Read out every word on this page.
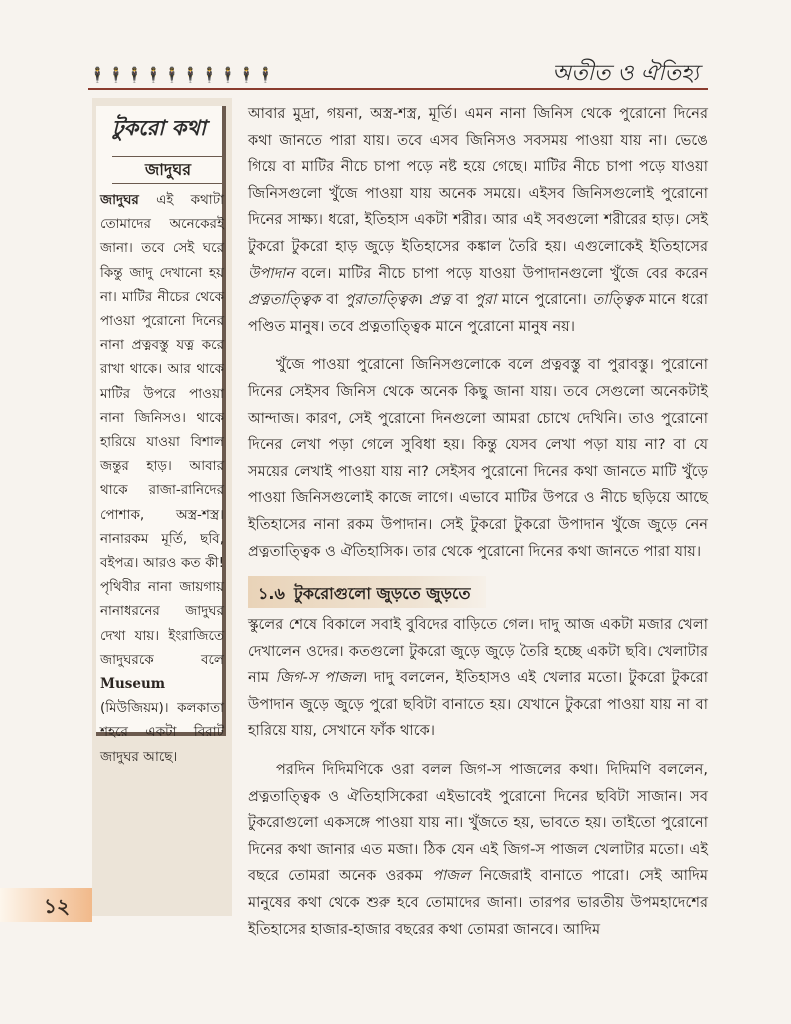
🕴🕴🕴🕴🕴🕴🕴🕴🕴🕴	অতীত ও ঐতিহ্য
টুকরো কথা
জাদুঘর
জাদুঘর এই কথাটা তোমাদের অনেকেরই জানা। তবে সেই ঘরে কিন্তু জাদু দেখানো হয় না। মাটির নীচের থেকে পাওয়া পুরোনো দিনের নানা প্রত্নবস্তু যত্ন করে রাখা থাকে। আর থাকে মাটির উপরে পাওয়া নানা জিনিসও। থাকে হারিয়ে যাওয়া বিশাল জন্তুর হাড়। আবার থাকে রাজা-রানিদের পোশাক, অস্ত্র-শস্ত্র। নানারকম মূর্তি, ছবি, বইপত্র। আরও কত কী! পৃথিবীর নানা জায়গায় নানাধরনের জাদুঘর দেখা যায়। ইংরাজিতে জাদুঘরকে বলে Museum (মিউজিয়ম)। কলকাতা শহরে একটা বিরাট জাদুঘর আছে।
১২

আবার মুদ্রা, গয়না, অস্ত্র-শস্ত্র, মূর্তি। এমন নানা জিনিস থেকে পুরোনো দিনের কথা জানতে পারা যায়। তবে এসব জিনিসও সবসময় পাওয়া যায় না। ভেঙে গিয়ে বা মাটির নীচে চাপা পড়ে নষ্ট হয়ে গেছে। মাটির নীচে চাপা পড়ে যাওয়া জিনিসগুলো খুঁজে পাওয়া যায় অনেক সময়ে। এইসব জিনিসগুলোই পুরোনো দিনের সাক্ষ্য। ধরো, ইতিহাস একটা শরীর। আর এই সবগুলো শরীরের হাড়। সেই টুকরো টুকরো হাড় জুড়ে ইতিহাসের কঙ্কাল তৈরি হয়। এগুলোকেই ইতিহাসের উপাদান বলে। মাটির নীচে চাপা পড়ে যাওয়া উপাদানগুলো খুঁজে বের করেন প্রত্নতাত্ত্বিক বা পুরাতাত্ত্বিক। প্রত্ন বা পুরা মানে পুরোনো। তাত্ত্বিক মানে ধরো পণ্ডিত মানুষ। তবে প্রত্নতাত্ত্বিক মানে পুরোনো মানুষ নয়।

খুঁজে পাওয়া পুরোনো জিনিসগুলোকে বলে প্রত্নবস্তু বা পুরাবস্তু। পুরোনো দিনের সেইসব জিনিস থেকে অনেক কিছু জানা যায়। তবে সেগুলো অনেকটাই আন্দাজ। কারণ, সেই পুরোনো দিনগুলো আমরা চোখে দেখিনি। তাও পুরোনো দিনের লেখা পড়া গেলে সুবিধা হয়। কিন্তু যেসব লেখা পড়া যায় না? বা যে সময়ের লেখাই পাওয়া যায় না? সেইসব পুরোনো দিনের কথা জানতে মাটি খুঁড়ে পাওয়া জিনিসগুলোই কাজে লাগে। এভাবে মাটির উপরে ও নীচে ছড়িয়ে আছে ইতিহাসের নানা রকম উপাদান। সেই টুকরো টুকরো উপাদান খুঁজে জুড়ে নেন প্রত্নতাত্ত্বিক ও ঐতিহাসিক। তার থেকে পুরোনো দিনের কথা জানতে পারা যায়।

১.৬ টুকরোগুলো জুড়তে জুড়তে

স্কুলের শেষে বিকালে সবাই বুবিদের বাড়িতে গেল। দাদু আজ একটা মজার খেলা দেখালেন ওদের। কতগুলো টুকরো জুড়ে জুড়ে তৈরি হচ্ছে একটা ছবি। খেলাটার নাম জিগ-স পাজল। দাদু বললেন, ইতিহাসও এই খেলার মতো। টুকরো টুকরো উপাদান জুড়ে জুড়ে পুরো ছবিটা বানাতে হয়। যেখানে টুকরো পাওয়া যায় না বা হারিয়ে যায়, সেখানে ফাঁক থাকে।

পরদিন দিদিমণিকে ওরা বলল জিগ-স পাজলের কথা। দিদিমণি বললেন, প্রত্নতাত্ত্বিক ও ঐতিহাসিকেরা এইভাবেই পুরোনো দিনের ছবিটা সাজান। সব টুকরোগুলো একসঙ্গে পাওয়া যায় না। খুঁজতে হয়, ভাবতে হয়। তাইতো পুরোনো দিনের কথা জানার এত মজা। ঠিক যেন এই জিগ-স পাজল খেলাটার মতো। এই বছরে তোমরা অনেক ওরকম পাজল নিজেরাই বানাতে পারো। সেই আদিম মানুষের কথা থেকে শুরু হবে তোমাদের জানা। তারপর ভারতীয় উপমহাদেশের ইতিহাসের হাজার-হাজার বছরের কথা তোমরা জানবে। আদিম
